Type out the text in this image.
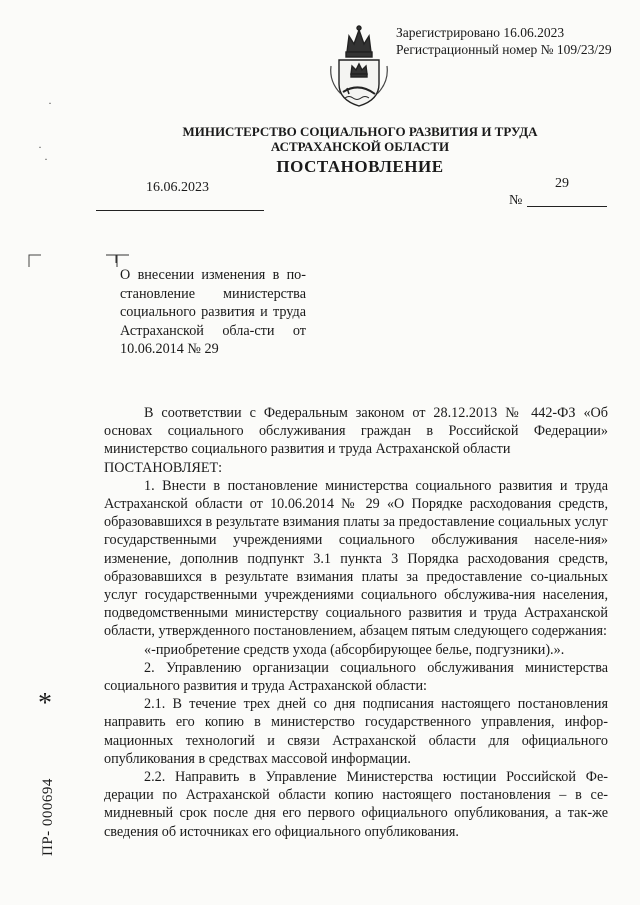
Зарегистрировано 16.06.2023
Регистрационный номер № 109/23/29
МИНИСТЕРСТВО СОЦИАЛЬНОГО РАЗВИТИЯ И ТРУДА
АСТРАХАНСКОЙ ОБЛАСТИ
ПОСТАНОВЛЕНИЕ
16.06.2023	29
№
О внесении изменения в по-становление министерства социального развития и труда Астраханской обла-сти от 10.06.2014 № 29

В соответствии с Федеральным законом от 28.12.2013 № 442-ФЗ «Об основах социального обслуживания граждан в Российской Федерации» министерство социального развития и труда Астраханской области
ПОСТАНОВЛЯЕТ:

1. Внести в постановление министерства социального развития и труда Астраханской области от 10.06.2014 № 29 «О Порядке расходования средств, образовавшихся в результате взимания платы за предоставление социальных услуг государственными учреждениями социального обслуживания населе-ния» изменение, дополнив подпункт 3.1 пункта 3 Порядка расходования средств, образовавшихся в результате взимания платы за предоставление со-циальных услуг государственными учреждениями социального обслужива-ния населения, подведомственными министерству социального развития и труда Астраханской области, утвержденного постановлением, абзацем пятым следующего содержания:

«-приобретение средств ухода (абсорбирующее белье, подгузники).».

2. Управлению организации социального обслуживания министерства социального развития и труда Астраханской области:

2.1. В течение трех дней со дня подписания настоящего постановления направить его копию в министерство государственного управления, инфор-мационных технологий и связи Астраханской области для официального опубликования в средствах массовой информации.

2.2. Направить в Управление Министерства юстиции Российской Фе-дерации по Астраханской области копию настоящего постановления – в се-мидневный срок после дня его первого официального опубликования, а так-же сведения об источниках его официального опубликования.

*
ПР- 000694
·
·
·
